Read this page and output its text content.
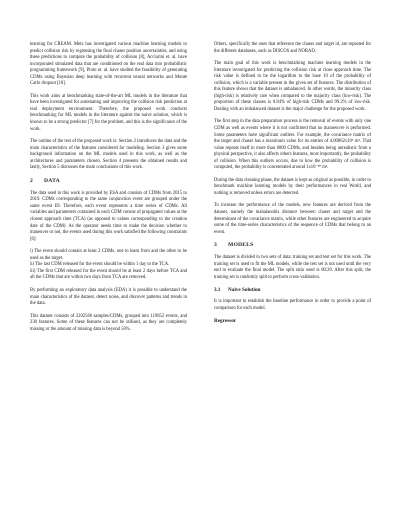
learning for CREAM. Metz has investigated various machine learning models to predict collision risk by regressing the final chaser position uncertainties, and using these predictions to compute the probability of collision [8], Acciarini et. al. have incorporated simulated data that are conditioned on the real data into probabilistic programming framework [9], Pinto et. al. have studied the feasibility of generating CDMs using Bayesian deep learning with recurrent neural networks and Monte Carlo dropout [10].

This work aims at benchmarking state-of-the-art ML models in the literature that have been investigated for automating and improving the collision risk prediction at real deployment environment. Therefore, the proposed work conducts benchmarking for ML models in the literature against the naive solution, which is known to be a strong predictor [7] for the problem, and this is the significance of the work.

The outline of the rest of the proposed work is: Section 2 introduces the data and the main characteristics of the features considered for modeling. Section 3 gives some background information on the ML models used in this work, as well as the architectures and parameters chosen. Section 4 presents the obtained results and lastly, Section 5 discusses the main conclusions of this work.

2 DATA

The data used in this work is provided by ESA and consists of CDMs from 2015 to 2019. CDMs corresponding to the same conjunction event are grouped under the same event ID. Therefore, each event represents a time series of CDMs. All variables and parameters contained in each CDM consist of propagated values at the closest approach time (TCA) (as opposed to values corresponding to the creation date of the CDM). As the operator needs time to make the decision whether to maneuver or not, the events used during this work satisfied the following constraints [6]:

i) The event should contain at least 2 CDMs, one to learn from and the other to be used as the target.

ii) The last CDM released for the event should be within 1 day to the TCA.

iii) The first CDM released for the event should be at least 2 days before TCA and all the CDMs that are within two days from TCA are removed.

By performing an exploratory data analysis (EDA) it is possible to understand the main characteristics of the dataset, detect noise, and discover patterns and trends in the data.

This dataset consists of 2202566 samples/CDMs, grouped into 119852 events, and 230 features. Some of these features can not be utilised, as they are completely missing or the amount of missing data is beyond 50%.

Others, specifically the ones that reference the chaser and target id, are repeated for the different databases, such as DISCOS and NORAD.

The main goal of this work is benchmarking machine learning models in the literature investigated for predicting the collision risk at close approach time. The risk value is defined to be the logarithm to the base 10 of the probability of collision, which is a variable present in the given set of features. The distribution of this feature shows that the dataset is unbalanced. In other words, the minority class (high-risk) is relatively rare when compared to the majority class (low-risk). The proportion of these classes is 0.84% of high-risk CDMs and 99.2% of low-risk. Dealing with an imbalanced dataset is the major challenge for the proposed work.

The first step in the data preparation process is the removal of events with only one CDM as well as events where it is not confirmed that no manoeuvre is performed. Some parameters have significant outliers. For example, the covariance matrix of the target and chaser has a maximum value for its entries of 4.00862x10⁵ m². That value repeats itself in more than 6000 CDMs, and besides being unrealistic from a physical perspective, it also affects others features, most importantly, the probability of collision. When this outliers occurs, due to how the probability of collision is computed, the probability is concentrated around 1x10⁻³⁰ m².

During the data cleaning phase, the dataset is kept as original as possible, in order to benchmark machine learning models by their performances in real World, and nothing is removed unless errors are detected.

To increase the performance of the models, new features are derived from the dataset, namely the mahalanobis distance between chaser and target and the determinant of the covariance matrix, while other features are engineered to acquire some of the time-series characteristics of the sequence of CDMs that belong to an event.

3 MODELS

The dataset is divided in two sets of data: training set and test set for this work. The training set is used to fit the ML models, while the test set is not used until the very end to evaluate the final model. The split ratio used is 80:20. After this split, the training set is randomly split to perform cross-validation.

3.1 Naive Solution

It is important to establish the baseline performance in order to provide a point of comparison for each model.

Regressor
